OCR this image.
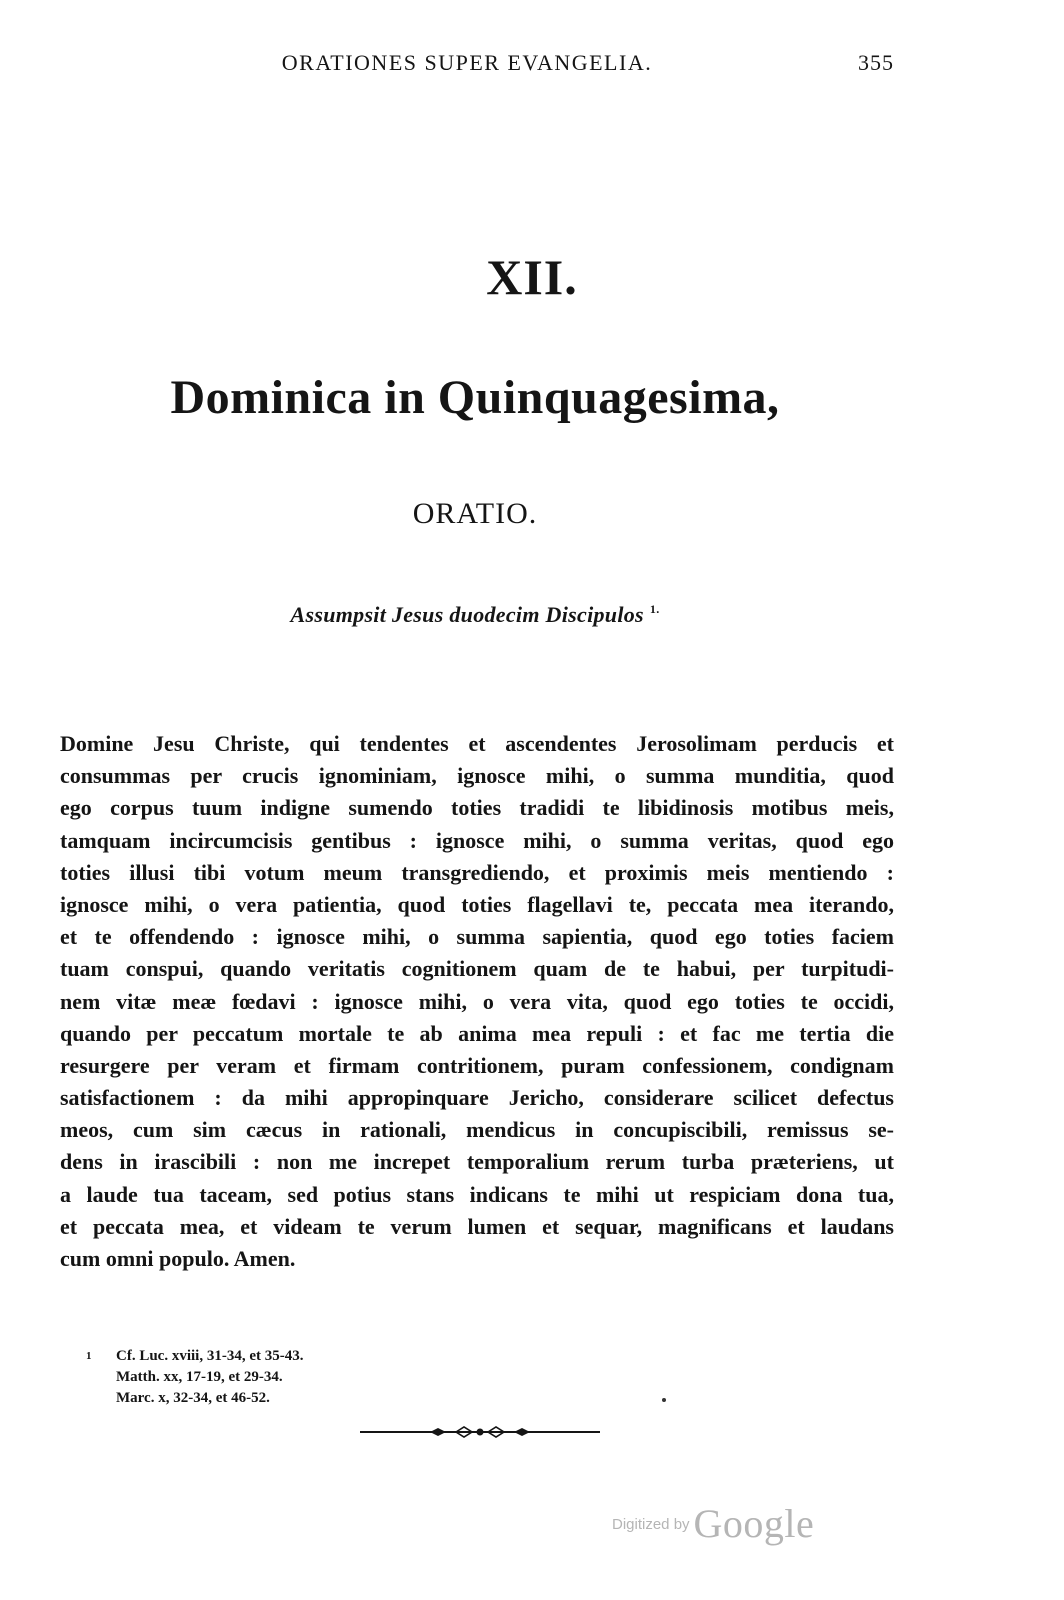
ORATIONES SUPER EVANGELIA.	355
XII.
Dominica in Quinquagesima,
ORATIO.
Assumpsit Jesus duodecim Discipulos $^{1.}$
Domine Jesu Christe, qui tendentes et ascendentes Jerosolimam perducis et
consummas per crucis ignominiam, ignosce mihi, o summa munditia, quod
ego corpus tuum indigne sumendo toties tradidi te libidinosis motibus meis,
tamquam incircumcisis gentibus : ignosce mihi, o summa veritas, quod ego
toties illusi tibi votum meum transgrediendo, et proximis meis mentiendo :
ignosce mihi, o vera patientia, quod toties flagellavi te, peccata mea iterando,
et te offendendo : ignosce mihi, o summa sapientia, quod ego toties faciem
tuam conspui, quando veritatis cognitionem quam de te habui, per turpitudi-
nem vitæ meæ fœdavi : ignosce mihi, o vera vita, quod ego toties te occidi,
quando per peccatum mortale te ab anima mea repuli : et fac me tertia die
resurgere per veram et firmam contritionem, puram confessionem, condignam
satisfactionem : da mihi appropinquare Jericho, considerare scilicet defectus
meos, cum sim cæcus in rationali, mendicus in concupiscibili, remissus se-
dens in irascibili : non me increpet temporalium rerum turba præteriens, ut
a laude tua taceam, sed potius stans indicans te mihi ut respiciam dona tua,
et peccata mea, et videam te verum lumen et sequar, magnificans et laudans
cum omni populo. Amen.
1 Cf. Luc. xviii, 31-34, et 35-43.
Matth. xx, 17-19, et 29-34.
Marc. x, 32-34, et 46-52.
Digitized by Google
